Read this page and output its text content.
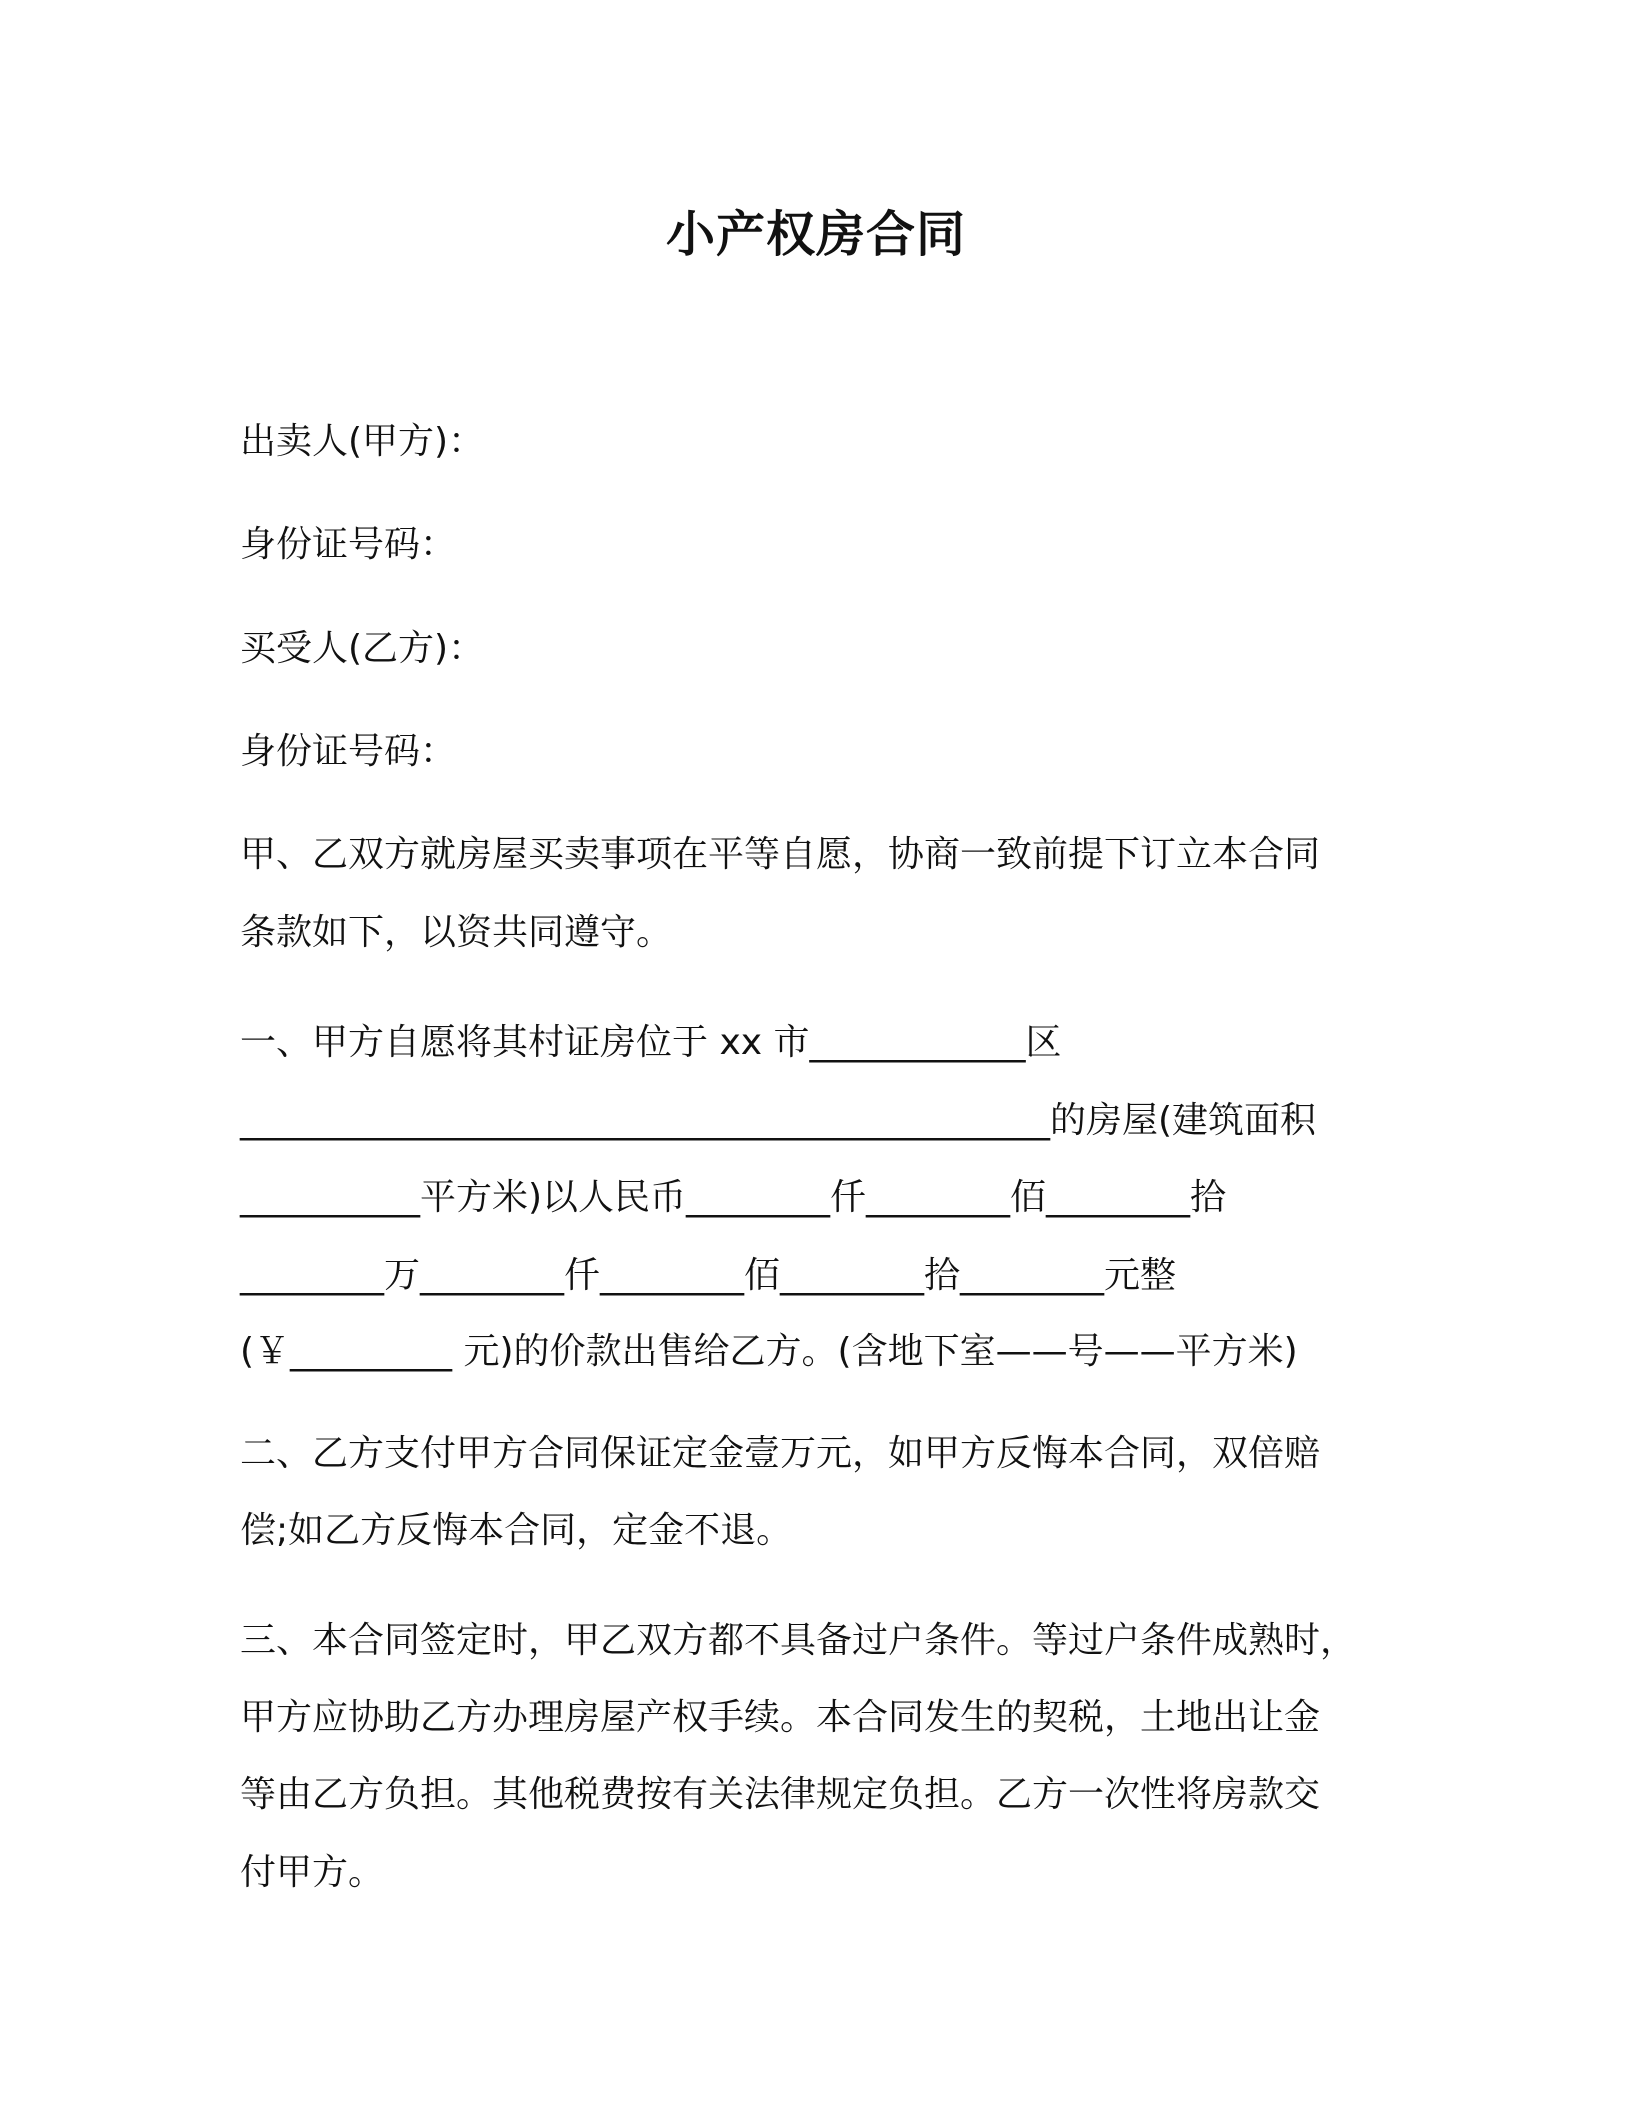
小产权房合同
出卖人(甲方)：
身份证号码：
买受人(乙方)：
身份证号码：
甲、乙双方就房屋买卖事项在平等自愿，协商一致前提下订立本合同
条款如下，以资共同遵守。
一、甲方自愿将其村证房位于 xx 市____________区
_____________________________________________的房屋(建筑面积
__________平方米)以人民币________仟________佰________拾
________万________仟________佰________拾________元整
(￥_________ 元)的价款出售给乙方。(含地下室——号——平方米)
二、乙方支付甲方合同保证定金壹万元，如甲方反悔本合同，双倍赔
偿;如乙方反悔本合同，定金不退。
三、本合同签定时，甲乙双方都不具备过户条件。等过户条件成熟时，
甲方应协助乙方办理房屋产权手续。本合同发生的契税，土地出让金
等由乙方负担。其他税费按有关法律规定负担。乙方一次性将房款交
付甲方。
